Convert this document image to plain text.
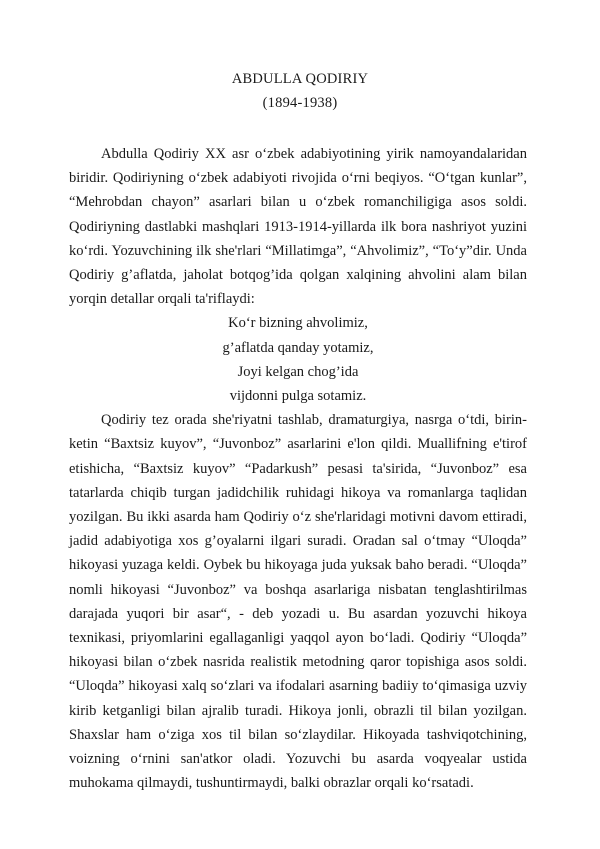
ABDULLA QODIRIY
(1894-1938)

Abdulla Qodiriy XX asr o‘zbek adabiyotining yirik namoyandalaridan biridir. Qodiriyning o‘zbek adabiyoti rivojida o‘rni beqiyos. “O‘tgan kunlar”, “Mehrobdan chayon” asarlari bilan u o‘zbek romanchiligiga asos soldi. Qodiriyning dastlabki mashqlari 1913-1914-yillarda ilk bora nashriyot yuzini ko‘rdi. Yozuvchining ilk she'rlari “Millatimga”, “Ahvolimiz”, “To‘y”dir. Unda Qodiriy g’aflatda, jaholat botqog’ida qolgan xalqining ahvolini alam bilan yorqin detallar orqali ta'riflaydi:

Ko‘r bizning ahvolimiz,
g’aflatda qanday yotamiz,
Joyi kelgan chog’ida
vijdonni pulga sotamiz.

Qodiriy tez orada she'riyatni tashlab, dramaturgiya, nasrga o‘tdi, birin-ketin “Baxtsiz kuyov”, “Juvonboz” asarlarini e'lon qildi. Muallifning e'tirof etishicha, “Baxtsiz kuyov” “Padarkush” pesasi ta'sirida, “Juvonboz” esa tatarlarda chiqib turgan jadidchilik ruhidagi hikoya va romanlarga taqlidan yozilgan. Bu ikki asarda ham Qodiriy o‘z she'rlaridagi motivni davom ettiradi, jadid adabiyotiga xos g’oyalarni ilgari suradi. Oradan sal o‘tmay “Uloqda” hikoyasi yuzaga keldi. Oybek bu hikoyaga juda yuksak baho beradi. “Uloqda” nomli hikoyasi “Juvonboz” va boshqa asarlariga nisbatan tenglashtirilmas darajada yuqori bir asar“, - deb yozadi u. Bu asardan yozuvchi hikoya texnikasi, priyomlarini egallaganligi yaqqol ayon bo‘ladi. Qodiriy “Uloqda” hikoyasi bilan o‘zbek nasrida realistik metodning qaror topishiga asos soldi. “Uloqda” hikoyasi xalq so‘zlari va ifodalari asarning badiiy to‘qimasiga uzviy kirib ketganligi bilan ajralib turadi. Hikoya jonli, obrazli til bilan yozilgan. Shaxslar ham o‘ziga xos til bilan so‘zlaydilar. Hikoyada tashviqotchining, voizning o‘rnini san'atkor oladi. Yozuvchi bu asarda voqyealar ustida muhokama qilmaydi, tushuntirmaydi, balki obrazlar orqali ko‘rsatadi.
